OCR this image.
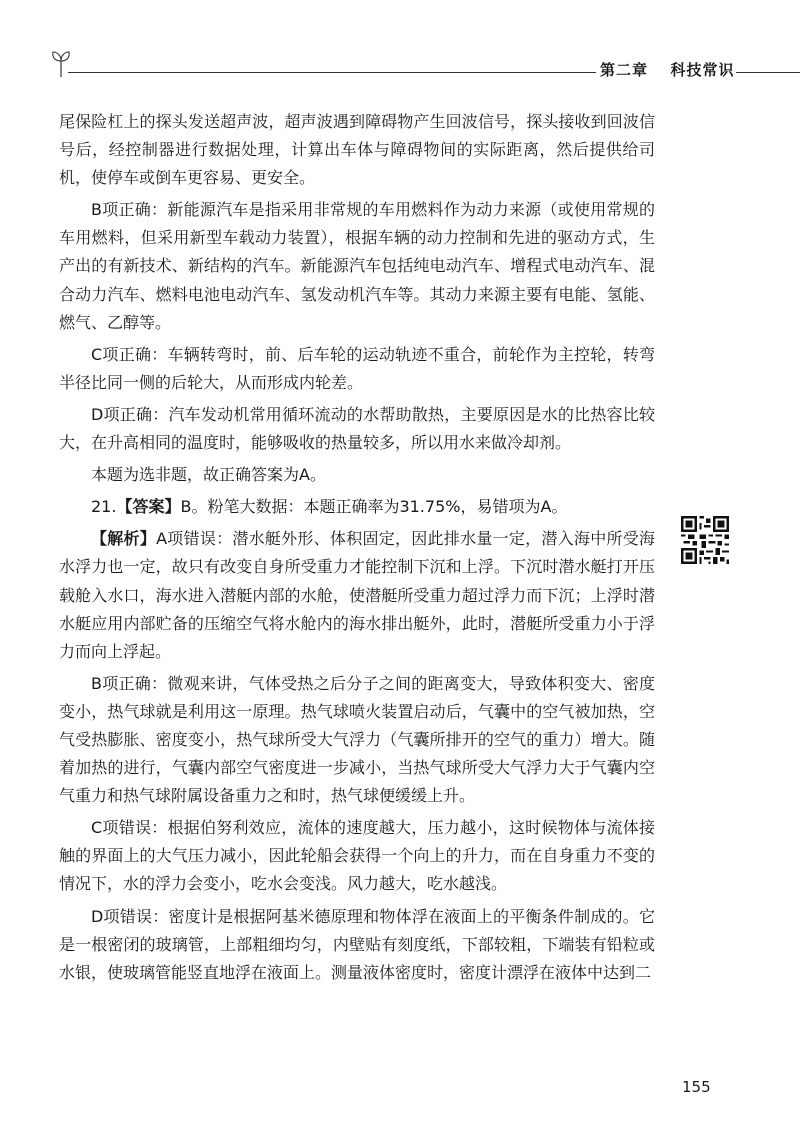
第二章 科技常识

尾保险杠上的探头发送超声波，超声波遇到障碍物产生回波信号，探头接收到回波信号后，经控制器进行数据处理，计算出车体与障碍物间的实际距离，然后提供给司机，使停车或倒车更容易、更安全。

B项正确：新能源汽车是指采用非常规的车用燃料作为动力来源（或使用常规的车用燃料，但采用新型车载动力装置），根据车辆的动力控制和先进的驱动方式，生产出的有新技术、新结构的汽车。新能源汽车包括纯电动汽车、增程式电动汽车、混合动力汽车、燃料电池电动汽车、氢发动机汽车等。其动力来源主要有电能、氢能、燃气、乙醇等。

C项正确：车辆转弯时，前、后车轮的运动轨迹不重合，前轮作为主控轮，转弯半径比同一侧的后轮大，从而形成内轮差。

D项正确：汽车发动机常用循环流动的水帮助散热，主要原因是水的比热容比较大，在升高相同的温度时，能够吸收的热量较多，所以用水来做冷却剂。

本题为选非题，故正确答案为A。

21.【答案】B。粉笔大数据：本题正确率为31.75%，易错项为A。

【解析】A项错误：潜水艇外形、体积固定，因此排水量一定，潜入海中所受海水浮力也一定，故只有改变自身所受重力才能控制下沉和上浮。下沉时潜水艇打开压载舱入水口，海水进入潜艇内部的水舱，使潜艇所受重力超过浮力而下沉；上浮时潜水艇应用内部贮备的压缩空气将水舱内的海水排出艇外，此时，潜艇所受重力小于浮力而向上浮起。

B项正确：微观来讲，气体受热之后分子之间的距离变大，导致体积变大、密度变小，热气球就是利用这一原理。热气球喷火装置启动后，气囊中的空气被加热，空气受热膨胀、密度变小，热气球所受大气浮力（气囊所排开的空气的重力）增大。随着加热的进行，气囊内部空气密度进一步减小，当热气球所受大气浮力大于气囊内空气重力和热气球附属设备重力之和时，热气球便缓缓上升。

C项错误：根据伯努利效应，流体的速度越大，压力越小，这时候物体与流体接触的界面上的大气压力减小，因此轮船会获得一个向上的升力，而在自身重力不变的情况下，水的浮力会变小，吃水会变浅。风力越大，吃水越浅。

D项错误：密度计是根据阿基米德原理和物体浮在液面上的平衡条件制成的。它是一根密闭的玻璃管，上部粗细均匀，内壁贴有刻度纸，下部较粗，下端装有铅粒或水银，使玻璃管能竖直地浮在液面上。测量液体密度时，密度计漂浮在液体中达到二

155
